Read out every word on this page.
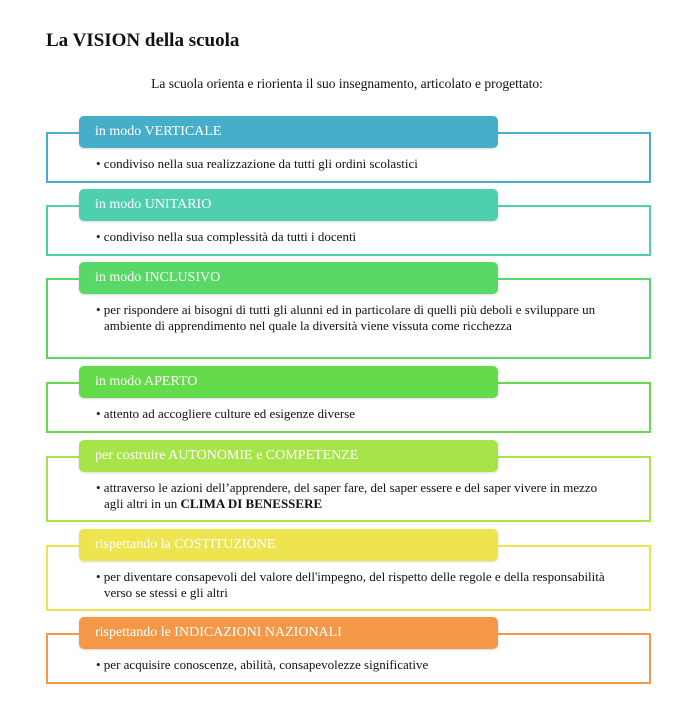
La VISION della scuola
La scuola orienta e riorienta il suo insegnamento, articolato e progettato:
in modo VERTICALE
• condiviso nella sua realizzazione da tutti gli ordini scolastici
in modo UNITARIO
• condiviso nella sua complessità da tutti i docenti
in modo INCLUSIVO
• per rispondere ai bisogni di tutti gli alunni ed in particolare di quelli più deboli e sviluppare un ambiente di apprendimento nel quale la diversità viene vissuta come ricchezza
in modo APERTO
• attento ad accogliere culture ed esigenze diverse
per costruire AUTONOMIE e COMPETENZE
• attraverso le azioni dell’apprendere, del saper fare, del saper essere e del saper vivere in mezzo agli altri in un CLIMA DI BENESSERE
rispettando la COSTITUZIONE
• per diventare consapevoli del valore dell'impegno, del rispetto delle regole e della responsabilità verso se stessi e gli altri
rispettando le INDICAZIONI NAZIONALI
• per acquisire conoscenze, abilità, consapevolezze significative
